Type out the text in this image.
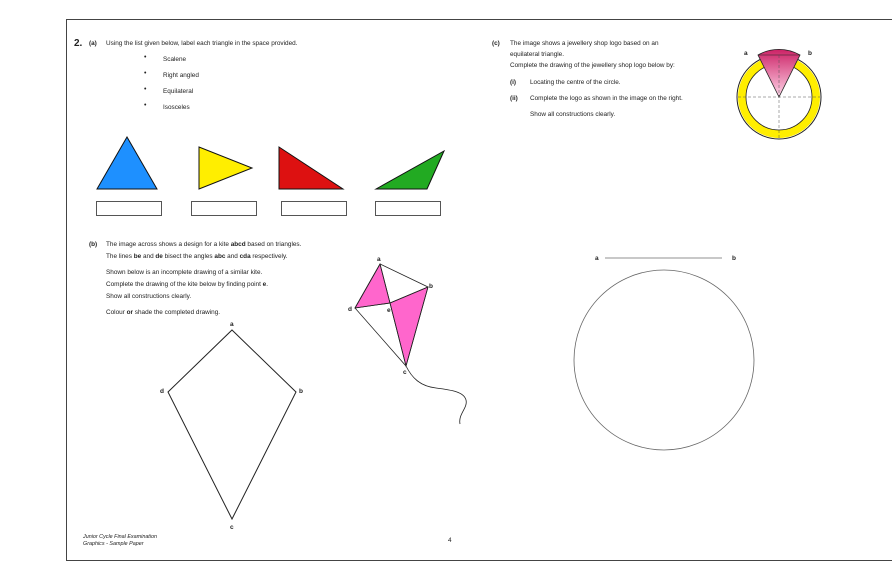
2. (a) Using the list given below, label each triangle in the space provided.
•	Scalene
•	Right angled
•	Equilateral
•	Isosceles
(b) The image across shows a design for a kite abcd based on triangles.
The lines be and de bisect the angles abc and cda respectively.
Shown below is an incomplete drawing of a similar kite.
Complete the drawing of the kite below by finding point e.
Show all constructions clearly.
Colour or shade the completed drawing.
(c) The image shows a jewellery shop logo based on an
equilateral triangle.
Complete the drawing of the jewellery shop logo below by:
(i) Locating the centre of the circle.
(ii) Complete the logo as shown in the image on the right.
Show all constructions clearly.
Junior Cycle Final Examination
Graphics - Sample Paper	4
a
b
c
d	e
a
b
c
d
a	b
a	b
